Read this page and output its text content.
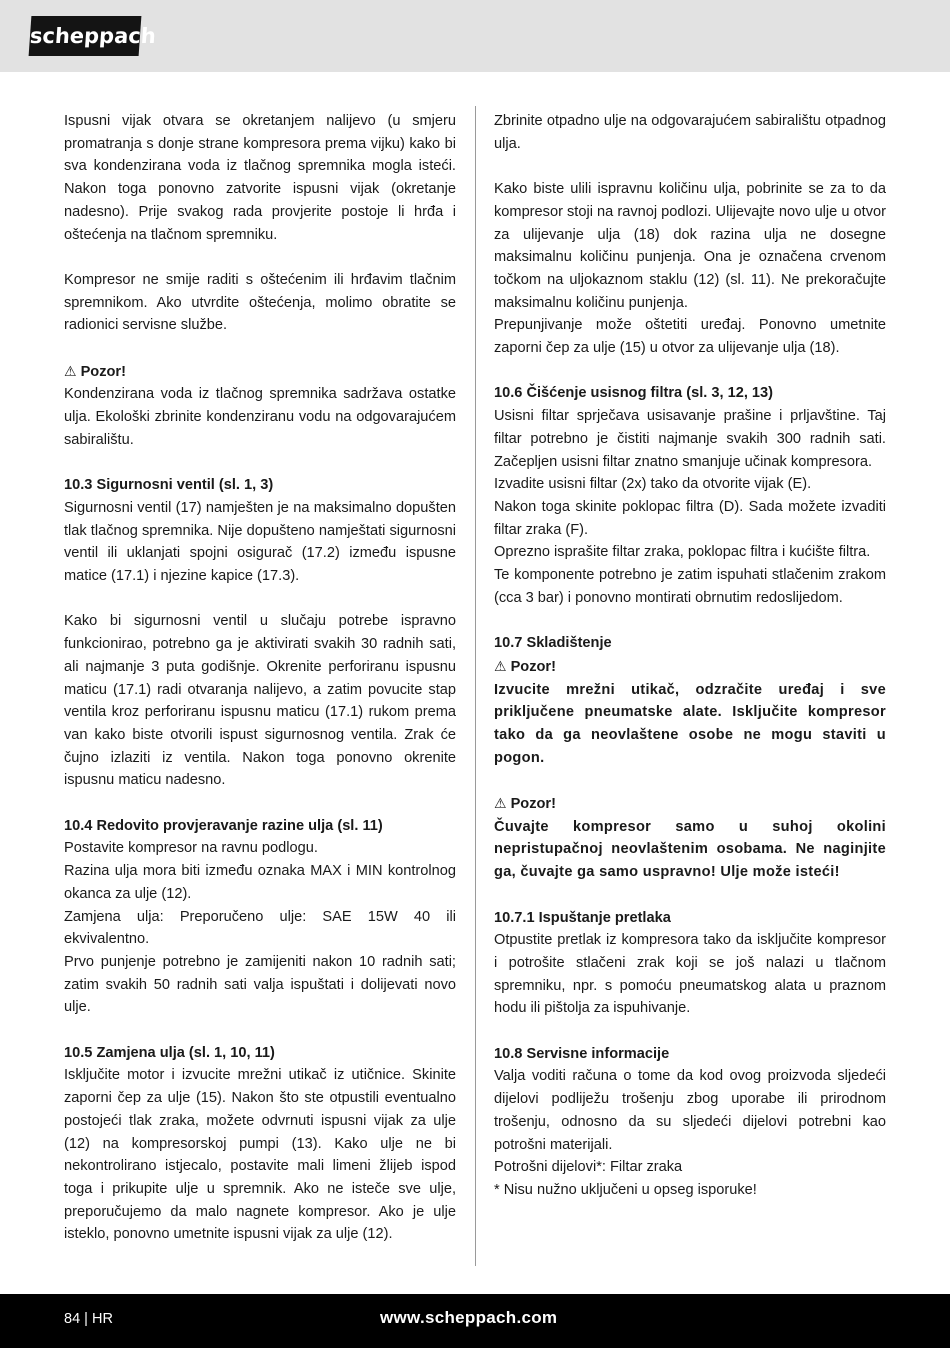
scheppach

Ispusni vijak otvara se okretanjem nalijevo (u smjeru promatranja s donje strane kompresora prema vijku) kako bi sva kondenzirana voda iz tlačnog spremnika mogla isteći. Nakon toga ponovno zatvorite ispusni vijak (okretanje nadesno). Prije svakog rada provjerite postoje li hrđa i oštećenja na tlačnom spremniku.

Kompresor ne smije raditi s oštećenim ili hrđavim tlačnim spremnikom. Ako utvrdite oštećenja, molimo obratite se radionici servisne službe.

⚠ Pozor!
Kondenzirana voda iz tlačnog spremnika sadržava ostatke ulja. Ekološki zbrinite kondenziranu vodu na odgovarajućem sabiralištu.

10.3 Sigurnosni ventil (sl. 1, 3)
Sigurnosni ventil (17) namješten je na maksimalno dopušten tlak tlačnog spremnika. Nije dopušteno namještati sigurnosni ventil ili uklanjati spojni osigurač (17.2) između ispusne matice (17.1) i njezine kapice (17.3).

Kako bi sigurnosni ventil u slučaju potrebe ispravno funkcionirao, potrebno ga je aktivirati svakih 30 radnih sati, ali najmanje 3 puta godišnje. Okrenite perforiranu ispusnu maticu (17.1) radi otvaranja nalijevo, a zatim povucite stap ventila kroz perforiranu ispusnu maticu (17.1) rukom prema van kako biste otvorili ispust sigurnosnog ventila. Zrak će čujno izlaziti iz ventila. Nakon toga ponovno okrenite ispusnu maticu nadesno.

10.4 Redovito provjeravanje razine ulja (sl. 11)
Postavite kompresor na ravnu podlogu.
Razina ulja mora biti između oznaka MAX i MIN kontrolnog okanca za ulje (12).
Zamjena ulja: Preporučeno ulje: SAE 15W 40 ili ekvivalentno.
Prvo punjenje potrebno je zamijeniti nakon 10 radnih sati; zatim svakih 50 radnih sati valja ispuštati i dolijevati novo ulje.

10.5 Zamjena ulja (sl. 1, 10, 11)
Isključite motor i izvucite mrežni utikač iz utičnice. Skinite zaporni čep za ulje (15). Nakon što ste otpustili eventualno postojeći tlak zraka, možete odvrnuti ispusni vijak za ulje (12) na kompresorskoj pumpi (13). Kako ulje ne bi nekontrolirano istjecalo, postavite mali limeni žlijeb ispod toga i prikupite ulje u spremnik. Ako ne isteče sve ulje, preporučujemo da malo nagnete kompresor. Ako je ulje isteklo, ponovno umetnite ispusni vijak za ulje (12).

Zbrinite otpadno ulje na odgovarajućem sabiralištu otpadnog ulja.

Kako biste ulili ispravnu količinu ulja, pobrinite se za to da kompresor stoji na ravnoj podlozi. Ulijevajte novo ulje u otvor za ulijevanje ulja (18) dok razina ulja ne dosegne maksimalnu količinu punjenja. Ona je označena crvenom točkom na uljokaznom staklu (12) (sl. 11). Ne prekoračujte maksimalnu količinu punjenja.
Prepunjivanje može oštetiti uređaj. Ponovno umetnite zaporni čep za ulje (15) u otvor za ulijevanje ulja (18).

10.6 Čišćenje usisnog filtra (sl. 3, 12, 13)
Usisni filtar sprječava usisavanje prašine i prljavštine. Taj filtar potrebno je čistiti najmanje svakih 300 radnih sati. Začepljen usisni filtar znatno smanjuje učinak kompresora.
Izvadite usisni filtar (2x) tako da otvorite vijak (E).
Nakon toga skinite poklopac filtra (D). Sada možete izvaditi filtar zraka (F).
Oprezno isprašite filtar zraka, poklopac filtra i kućište filtra.
Te komponente potrebno je zatim ispuhati stlačenim zrakom (cca 3 bar) i ponovno montirati obrnutim redoslijedom.

10.7 Skladištenje
⚠ Pozor!
Izvucite mrežni utikač, odzračite uređaj i sve priključene pneumatske alate. Isključite kompresor tako da ga neovlaštene osobe ne mogu staviti u pogon.

⚠ Pozor!
Čuvajte kompresor samo u suhoj okolini nepristupačnoj neovlaštenim osobama. Ne naginjite ga, čuvajte ga samo uspravno! Ulje može isteći!

10.7.1 Ispuštanje pretlaka
Otpustite pretlak iz kompresora tako da isključite kompresor i potrošite stlačeni zrak koji se još nalazi u tlačnom spremniku, npr. s pomoću pneumatskog alata u praznom hodu ili pištolja za ispuhivanje.

10.8 Servisne informacije
Valja voditi računa o tome da kod ovog proizvoda sljedeći dijelovi podliježu trošenju zbog uporabe ili prirodnom trošenju, odnosno da su sljedeći dijelovi potrebni kao potrošni materijali.
Potrošni dijelovi*: Filtar zraka
* Nisu nužno uključeni u opseg isporuke!

84 | HR	www.scheppach.com
